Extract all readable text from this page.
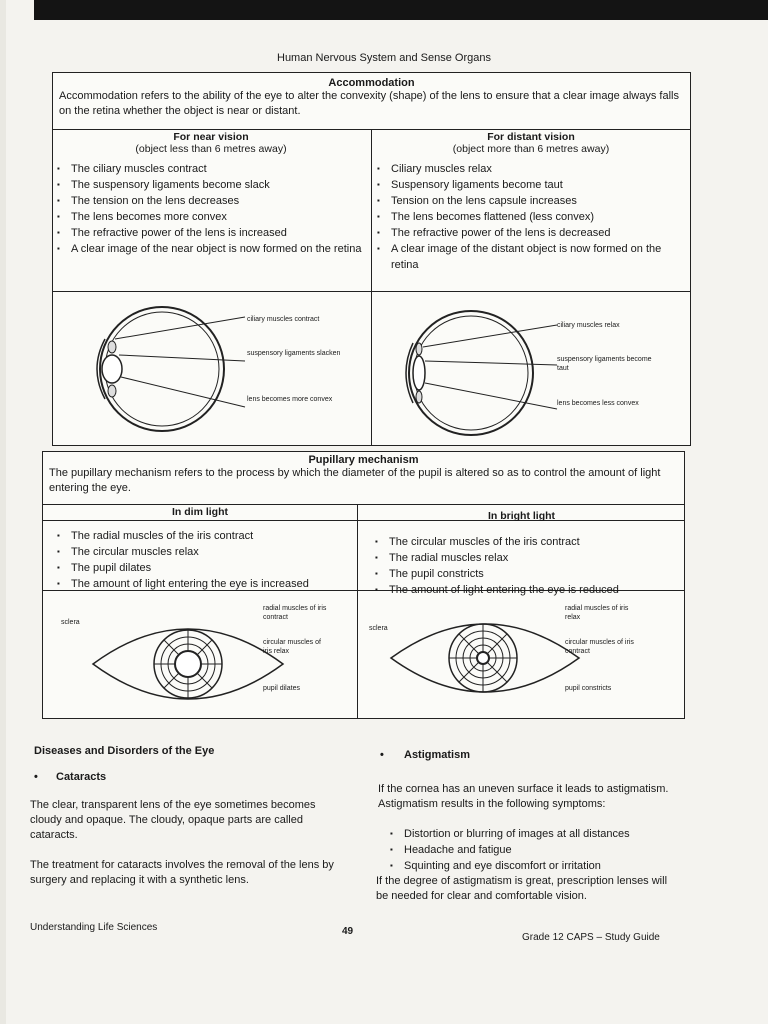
Human Nervous System and Sense Organs
Accommodation
Accommodation refers to the ability of the eye to alter the convexity (shape) of the lens to ensure that a clear image always falls on the retina whether the object is near or distant.
For near vision
(object less than 6 metres away)
▪ The ciliary muscles contract
▪ The suspensory ligaments become slack
▪ The tension on the lens decreases
▪ The lens becomes more convex
▪ The refractive power of the lens is increased
▪ A clear image of the near object is now formed on the retina
For distant vision
(object more than 6 metres away)
▪ Ciliary muscles relax
▪ Suspensory ligaments become taut
▪ Tension on the lens capsule increases
▪ The lens becomes flattened (less convex)
▪ The refractive power of the lens is decreased
▪ A clear image of the distant object is now formed on the retina
ciliary muscles contract
suspensory ligaments slacken
lens becomes more convex
ciliary muscles relax
suspensory ligaments become taut
lens becomes less convex
Pupillary mechanism
The pupillary mechanism refers to the process by which the diameter of the pupil is altered so as to control the amount of light entering the eye.
In dim light	In bright light
▪ The radial muscles of the iris contract
▪ The circular muscles relax
▪ The pupil dilates
▪ The amount of light entering the eye is increased
▪ The circular muscles of the iris contract
▪ The radial muscles relax
▪ The pupil constricts
▪ The amount of light entering the eye is reduced
sclera
radial muscles of iris contract
circular muscles of iris relax
pupil dilates
sclera
radial muscles of iris relax
circular muscles of iris contract
pupil constricts
Diseases and Disorders of the Eye
• Cataracts
The clear, transparent lens of the eye sometimes becomes cloudy and opaque. The cloudy, opaque parts are called cataracts.
The treatment for cataracts involves the removal of the lens by surgery and replacing it with a synthetic lens.
• Astigmatism
If the cornea has an uneven surface it leads to astigmatism. Astigmatism results in the following symptoms:
▪ Distortion or blurring of images at all distances
▪ Headache and fatigue
▪ Squinting and eye discomfort or irritation
If the degree of astigmatism is great, prescription lenses will be needed for clear and comfortable vision.
Understanding Life Sciences	49
Grade 12 CAPS – Study Guide
